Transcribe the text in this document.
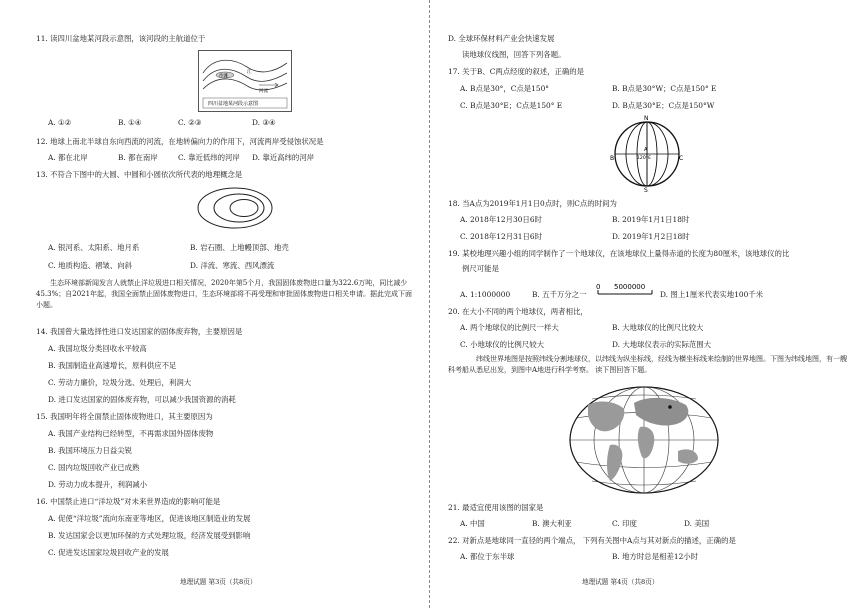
11. 读四川盆地某河段示意图，该河段的主航道位于
沙滩
江
河流
四川盆地某河段示意图
A. ①②	B. ①④	C. ②③	D. ③④
12. 地球上南北半球自东向西流的河流，在地转偏向力的作用下，河流两岸受侵蚀状况是
A. 都在北岸	B. 都在南岸	C. 靠近低纬的河岸 D. 靠近高纬的河岸
13. 不符合下图中的大圆、中圆和小圆依次所代表的地理概念是
A. 银河系、太阳系、地月系	B. 岩石圈、上地幔顶部、地壳
C. 地质构造、褶皱、向斜	D. 洋流、寒流、西风漂流
生态环境部新闻发言人就禁止洋垃圾进口相关情况，2020年第5个月，我国固体废物进口量为322.6万吨，同比减少45.3%；自2021年起，我国全面禁止固体废物进口，生态环境部将不再受理和审批固体废物进口相关申请。据此完成下面小题。
14. 我国曾大量选择性进口发达国家的固体废弃物，主要原因是
A. 我国垃圾分类回收水平较高
B. 我国制造业高速增长，原料供应不足
C. 劳动力廉价，垃圾分选、处理后，利润大
D. 进口发达国家的固体废弃物，可以减少我国资源的消耗
15. 我国明年将全面禁止固体废物进口，其主要原因为
A. 我国产业结构已经转型，不再需求国外固体废物
B. 我国环境压力日益尖锐
C. 国内垃圾回收产业已成熟
D. 劳动力成本提升，利润减小
16. 中国禁止进口“洋垃圾”对未来世界造成的影响可能是
A. 促使“洋垃圾”流向东南亚等地区，促进该地区制造业的发展
B. 发达国家会以更加环保的方式处理垃圾，经济发展受到影响
C. 促进发达国家垃圾回收产业的发展
地理试题 第3页（共8页）
D. 全球环保材料产业会快速发展
读地球仪线图，回答下列各题。
17. 关于B、C两点经度的叙述，正确的是
A. B点是30°，C点是150°	B. B点是30°W；C点是150° E
C. B点是30°E；C点是150° E	D. B点是30°E；C点是150°W
N
S
B	C
A
120°E
18. 当A点为2019年1月1日0点时，则C点的时间为
A. 2018年12月30日6时	B. 2019年1月1日18时
C. 2018年12月31日6时	D. 2019年1月2日18时
19. 某校地理兴趣小组的同学制作了一个地球仪，在该地球仪上量得赤道的长度为80厘米，该地球仪的比
例尺可能是
A. 1:1000000	B. 五千万分之一
0 5000000
D. 图上1厘米代表实地100千米
20. 在大小不同的两个地球仪，两者相比，
A. 两个地球仪的比例尺一样大	B. 大地球仪的比例尺比较大
C. 小地球仪的比例尺较大	D. 大地球仪表示的实际范围大
纬线世界地图是按照纬线分割地球仪，以纬线为纵坐标线，经线为横坐标线来绘制的世界地图。下图为纬线地图，有一艘科考船从悉尼出发，到图中A地进行科学考察。 读下图回答下题。
21. 最适宜使用该图的国家是
A. 中国	B. 澳大利亚	C. 印度	D. 美国
22. 对新点是地球同一直径的两个端点， 下列有关图中A点与其对新点的描述，正确的是
A. 都位于东半球	B. 地方时总是相差12小时
地理试题 第4页（共8页）
